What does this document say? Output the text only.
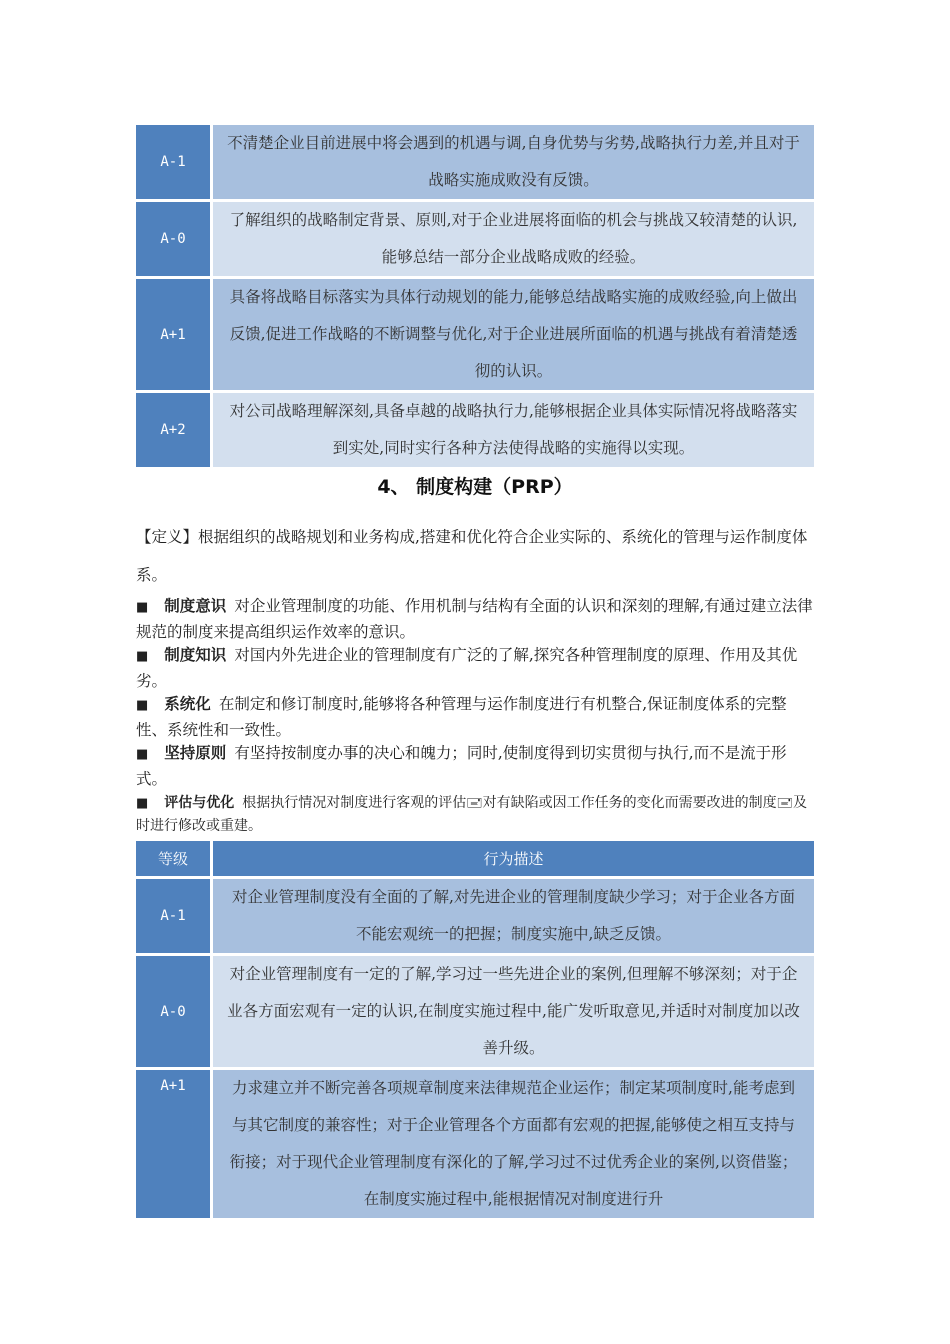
A-1	不清楚企业目前进展中将会遇到的机遇与调,自身优势与劣势,战略执行力差,并且对于战略实施成败没有反馈。
A-0	了解组织的战略制定背景、原则,对于企业进展将面临的机会与挑战又较清楚的认识,能够总结一部分企业战略成败的经验。
A+1	具备将战略目标落实为具体行动规划的能力,能够总结战略实施的成败经验,向上做出反馈,促进工作战略的不断调整与优化,对于企业进展所面临的机遇与挑战有着清楚透彻的认识。
A+2	对公司战略理解深刻,具备卓越的战略执行力,能够根据企业具体实际情况将战略落实到实处,同时实行各种方法使得战略的实施得以实现。
4、 制度构建（PRP）
【定义】根据组织的战略规划和业务构成,搭建和优化符合企业实际的、系统化的管理与运作制度体系。
■ 制度意识 对企业管理制度的功能、作用机制与结构有全面的认识和深刻的理解,有通过建立法律规范的制度来提高组织运作效率的意识。
■ 制度知识 对国内外先进企业的管理制度有广泛的了解,探究各种管理制度的原理、作用及其优劣。
■ 系统化 在制定和修订制度时,能够将各种管理与运作制度进行有机整合,保证制度体系的完整性、系统性和一致性。
■ 坚持原则 有坚持按制度办事的决心和魄力；同时,使制度得到切实贯彻与执行,而不是流于形式。
■ 评估与优化 根据执行情况对制度进行客观的评估🖃对有缺陷或因工作任务的变化而需要改进的制度🖃及时进行修改或重建。
等级	行为描述
A-1	对企业管理制度没有全面的了解,对先进企业的管理制度缺少学习；对于企业各方面不能宏观统一的把握；制度实施中,缺乏反馈。
A-0	对企业管理制度有一定的了解,学习过一些先进企业的案例,但理解不够深刻；对于企业各方面宏观有一定的认识,在制度实施过程中,能广发听取意见,并适时对制度加以改善升级。
A+1	力求建立并不断完善各项规章制度来法律规范企业运作；制定某项制度时,能考虑到与其它制度的兼容性；对于企业管理各个方面都有宏观的把握,能够使之相互支持与衔接；对于现代企业管理制度有深化的了解,学习过不过优秀企业的案例,以资借鉴；在制度实施过程中,能根据情况对制度进行升
